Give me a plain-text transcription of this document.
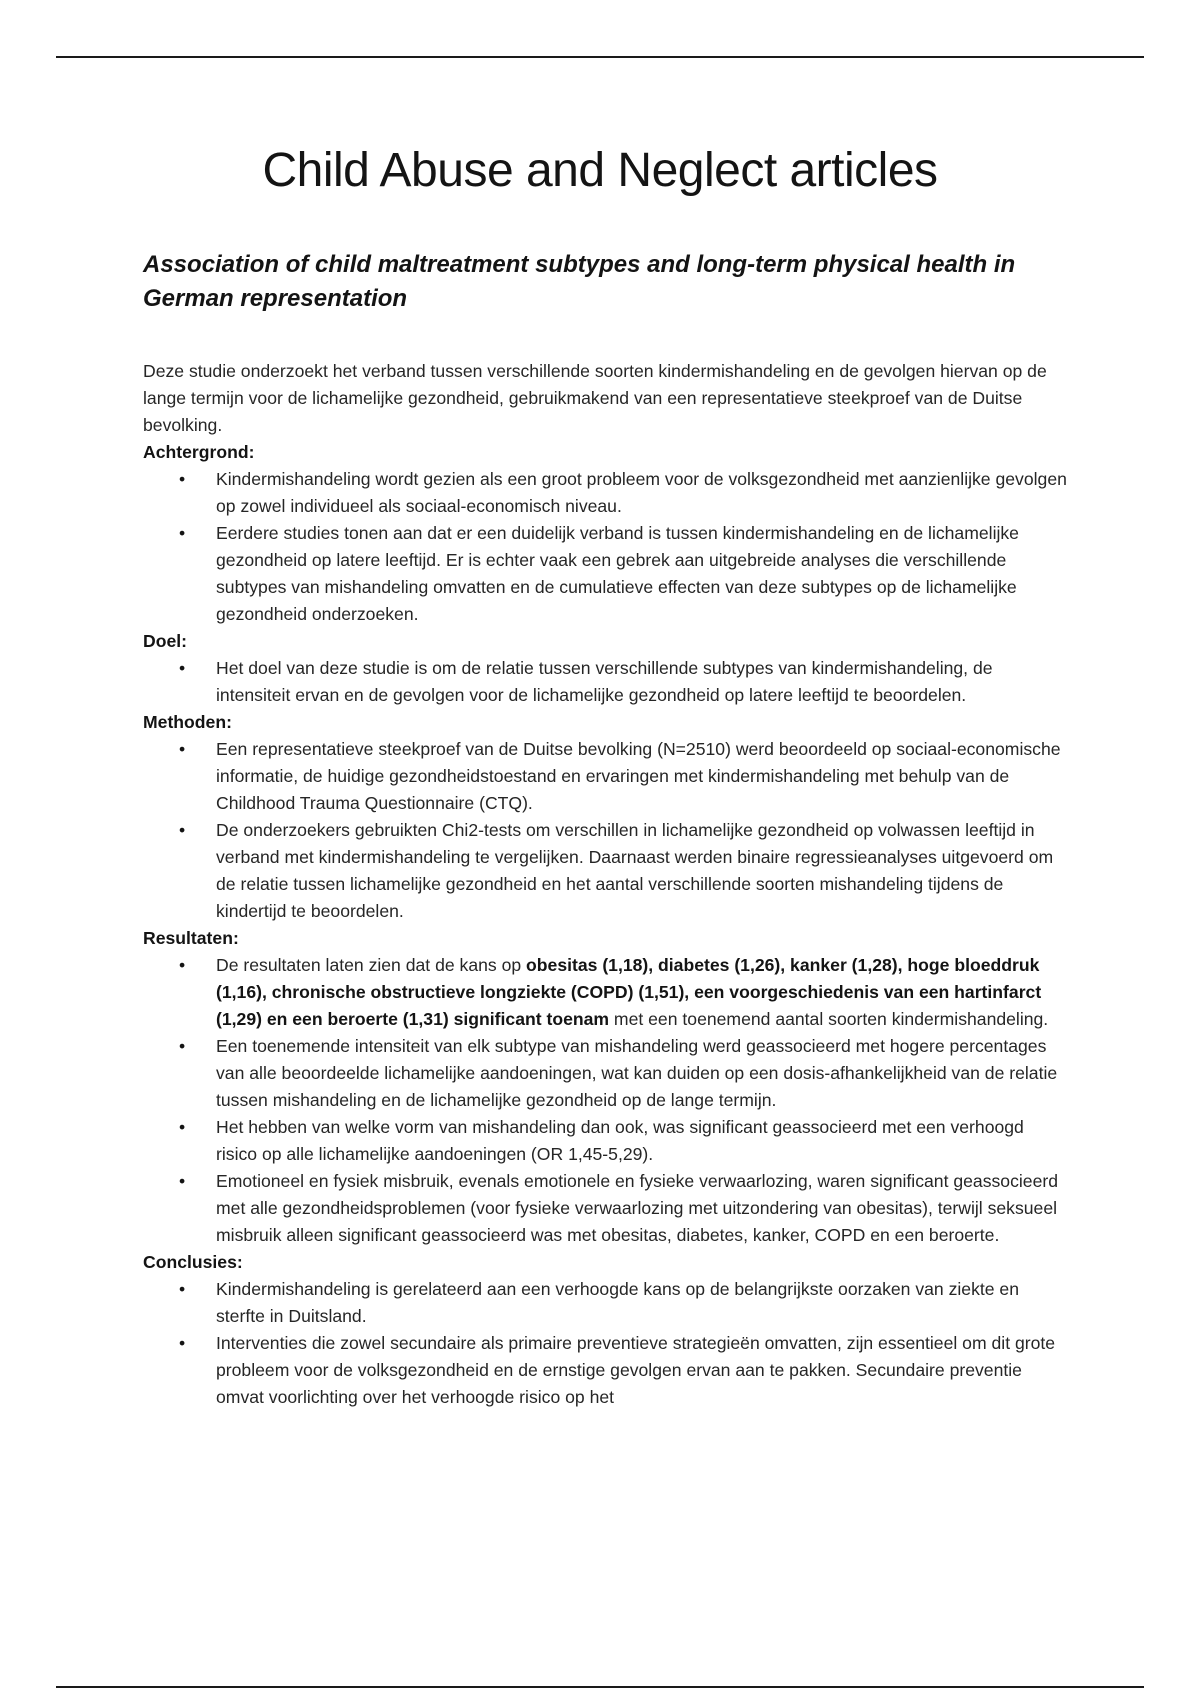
Child Abuse and Neglect articles
Association of child maltreatment subtypes and long-term physical health in German representation

Deze studie onderzoekt het verband tussen verschillende soorten kindermishandeling en de gevolgen hiervan op de lange termijn voor de lichamelijke gezondheid, gebruikmakend van een representatieve steekproef van de Duitse bevolking.

Achtergrond:

• Kindermishandeling wordt gezien als een groot probleem voor de volksgezondheid met aanzienlijke gevolgen op zowel individueel als sociaal-economisch niveau.
• Eerdere studies tonen aan dat er een duidelijk verband is tussen kindermishandeling en de lichamelijke gezondheid op latere leeftijd. Er is echter vaak een gebrek aan uitgebreide analyses die verschillende subtypes van mishandeling omvatten en de cumulatieve effecten van deze subtypes op de lichamelijke gezondheid onderzoeken.

Doel:

• Het doel van deze studie is om de relatie tussen verschillende subtypes van kindermishandeling, de intensiteit ervan en de gevolgen voor de lichamelijke gezondheid op latere leeftijd te beoordelen.

Methoden:

• Een representatieve steekproef van de Duitse bevolking (N=2510) werd beoordeeld op sociaal-economische informatie, de huidige gezondheidstoestand en ervaringen met kindermishandeling met behulp van de Childhood Trauma Questionnaire (CTQ).
• De onderzoekers gebruikten Chi2-tests om verschillen in lichamelijke gezondheid op volwassen leeftijd in verband met kindermishandeling te vergelijken. Daarnaast werden binaire regressieanalyses uitgevoerd om de relatie tussen lichamelijke gezondheid en het aantal verschillende soorten mishandeling tijdens de kindertijd te beoordelen.

Resultaten:

• De resultaten laten zien dat de kans op obesitas (1,18), diabetes (1,26), kanker (1,28), hoge bloeddruk (1,16), chronische obstructieve longziekte (COPD) (1,51), een voorgeschiedenis van een hartinfarct (1,29) en een beroerte (1,31) significant toenam met een toenemend aantal soorten kindermishandeling.
• Een toenemende intensiteit van elk subtype van mishandeling werd geassocieerd met hogere percentages van alle beoordeelde lichamelijke aandoeningen, wat kan duiden op een dosis-afhankelijkheid van de relatie tussen mishandeling en de lichamelijke gezondheid op de lange termijn.
• Het hebben van welke vorm van mishandeling dan ook, was significant geassocieerd met een verhoogd risico op alle lichamelijke aandoeningen (OR 1,45-5,29).
• Emotioneel en fysiek misbruik, evenals emotionele en fysieke verwaarlozing, waren significant geassocieerd met alle gezondheidsproblemen (voor fysieke verwaarlozing met uitzondering van obesitas), terwijl seksueel misbruik alleen significant geassocieerd was met obesitas, diabetes, kanker, COPD en een beroerte.

Conclusies:

• Kindermishandeling is gerelateerd aan een verhoogde kans op de belangrijkste oorzaken van ziekte en sterfte in Duitsland.
• Interventies die zowel secundaire als primaire preventieve strategieën omvatten, zijn essentieel om dit grote probleem voor de volksgezondheid en de ernstige gevolgen ervan aan te pakken. Secundaire preventie omvat voorlichting over het verhoogde risico op het
